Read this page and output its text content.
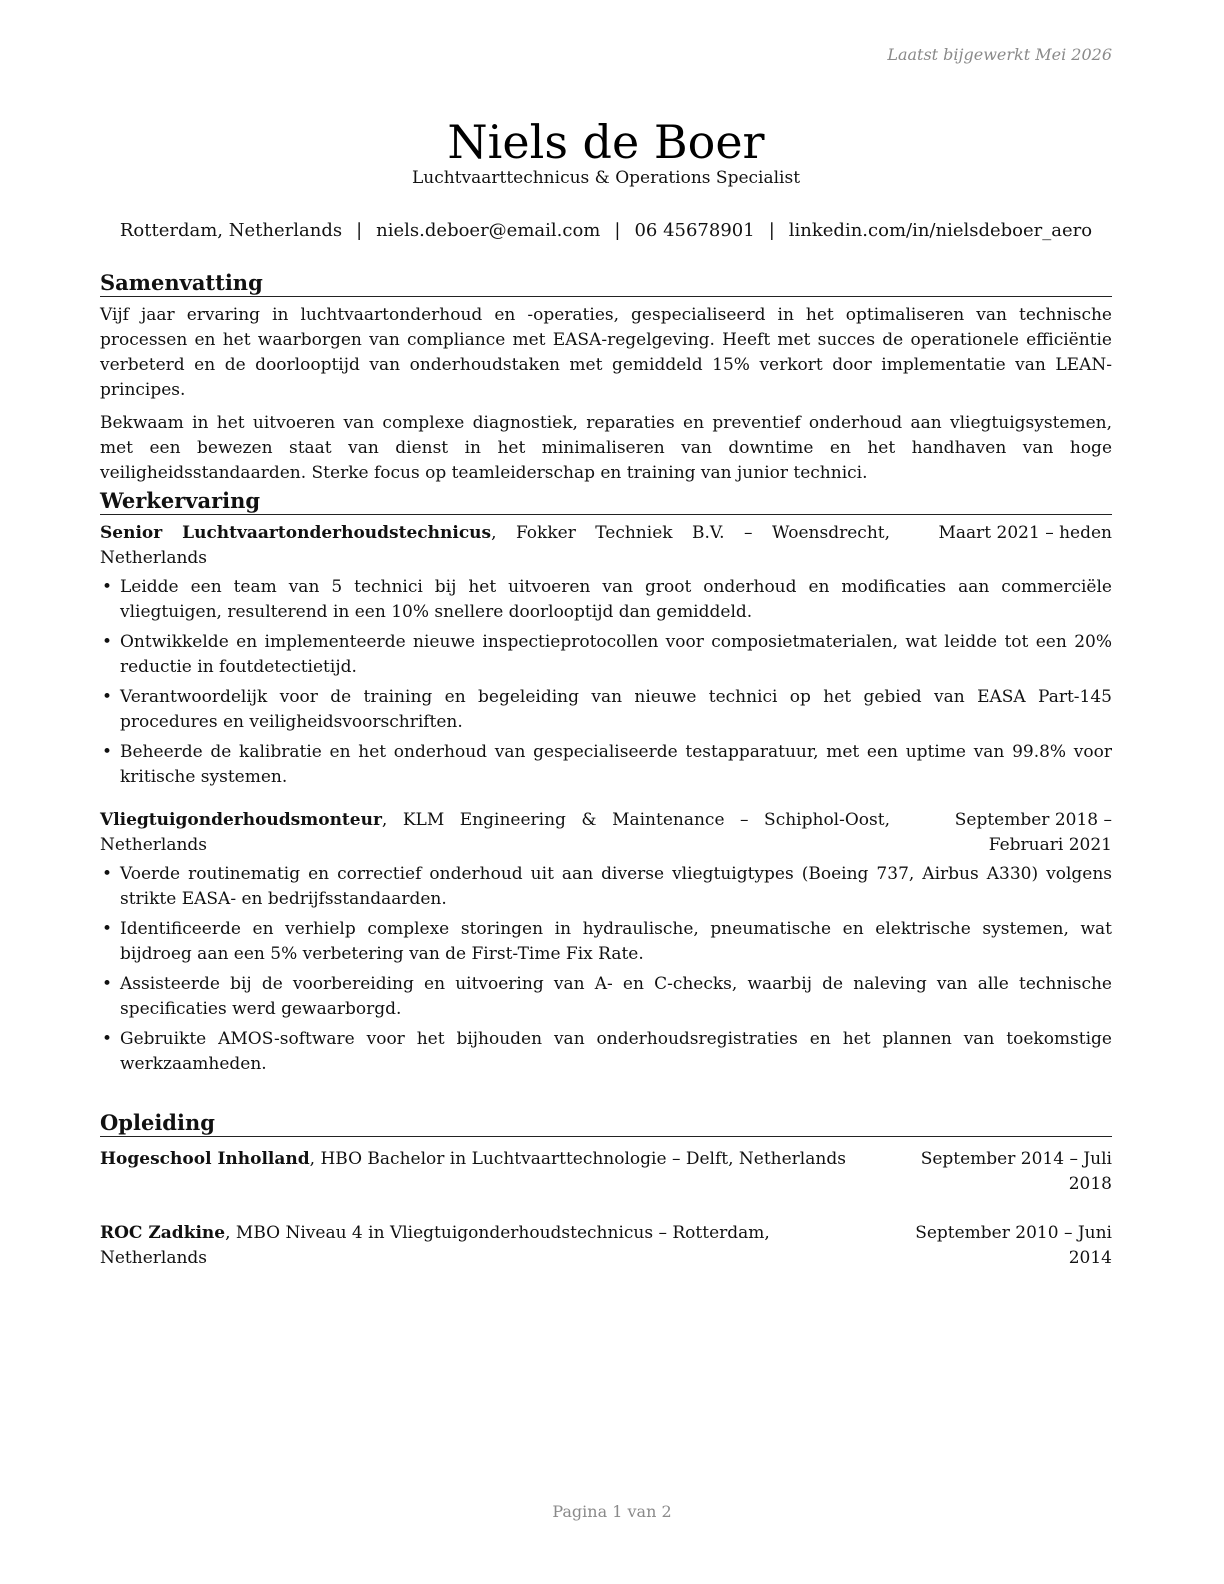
Laatst bijgewerkt Mei 2026
Niels de Boer
Luchtvaarttechnicus & Operations Specialist
Rotterdam, Netherlands | niels.deboer@email.com | 06 45678901 | linkedin.com/in/nielsdeboer_aero
Samenvatting

Vijf jaar ervaring in luchtvaartonderhoud en -operaties, gespecialiseerd in het optimaliseren van technische processen en het waarborgen van compliance met EASA-regelgeving. Heeft met succes de operationele efficiëntie verbeterd en de doorlooptijd van onderhoudstaken met gemiddeld 15% verkort door implementatie van LEAN-principes.

Bekwaam in het uitvoeren van complexe diagnostiek, reparaties en preventief onderhoud aan vliegtuigsystemen, met een bewezen staat van dienst in het minimaliseren van downtime en het handhaven van hoge veiligheidsstandaarden. Sterke focus op teamleiderschap en training van junior technici.

Werkervaring
Senior Luchtvaartonderhoudstechnicus, Fokker Techniek B.V. – Woensdrecht, Netherlands
Maart 2021 – heden
• Leidde een team van 5 technici bij het uitvoeren van groot onderhoud en modificaties aan commerciële vliegtuigen, resulterend in een 10% snellere doorlooptijd dan gemiddeld.
• Ontwikkelde en implementeerde nieuwe inspectieprotocollen voor composietmaterialen, wat leidde tot een 20% reductie in foutdetectietijd.
• Verantwoordelijk voor de training en begeleiding van nieuwe technici op het gebied van EASA Part-145 procedures en veiligheidsvoorschriften.
• Beheerde de kalibratie en het onderhoud van gespecialiseerde testapparatuur, met een uptime van 99.8% voor kritische systemen.
Vliegtuigonderhoudsmonteur, KLM Engineering & Maintenance – Schiphol-Oost, Netherlands
September 2018 – Februari 2021
• Voerde routinematig en correctief onderhoud uit aan diverse vliegtuigtypes (Boeing 737, Airbus A330) volgens strikte EASA- en bedrijfsstandaarden.
• Identificeerde en verhielp complexe storingen in hydraulische, pneumatische en elektrische systemen, wat bijdroeg aan een 5% verbetering van de First-Time Fix Rate.
• Assisteerde bij de voorbereiding en uitvoering van A- en C-checks, waarbij de naleving van alle technische specificaties werd gewaarborgd.
• Gebruikte AMOS-software voor het bijhouden van onderhoudsregistraties en het plannen van toekomstige werkzaamheden.
Opleiding
Hogeschool Inholland, HBO Bachelor in Luchtvaarttechnologie – Delft, Netherlands	September 2014 – Juli 2018
ROC Zadkine, MBO Niveau 4 in Vliegtuigonderhoudstechnicus – Rotterdam, Netherlands
September 2010 – Juni 2014
Pagina 1 van 2
